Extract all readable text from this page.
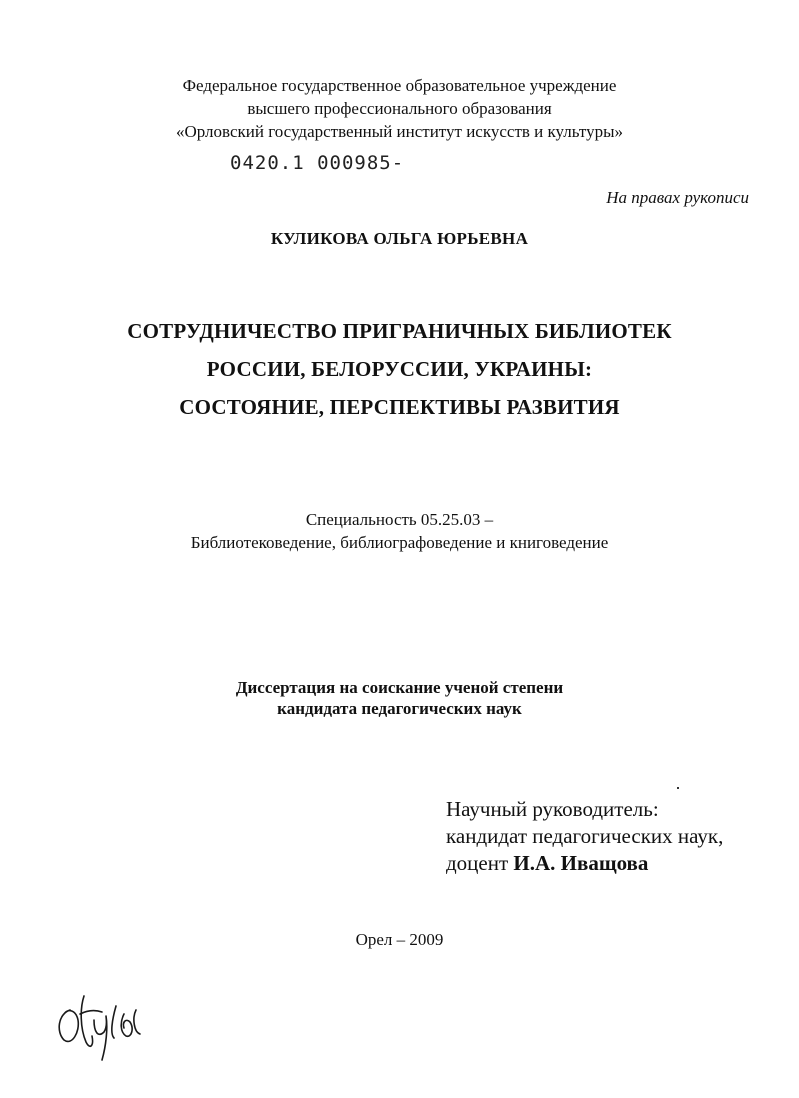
Федеральное государственное образовательное учреждение
высшего профессионального образования
«Орловский государственный институт искусств и культуры»
0420.1 000985-
На правах рукописи
КУЛИКОВА ОЛЬГА ЮРЬЕВНА
СОТРУДНИЧЕСТВО ПРИГРАНИЧНЫХ БИБЛИОТЕК
РОССИИ, БЕЛОРУССИИ, УКРАИНЫ:
СОСТОЯНИЕ, ПЕРСПЕКТИВЫ РАЗВИТИЯ
Специальность 05.25.03 –
Библиотековедение, библиографоведение и книговедение
Диссертация на соискание ученой степени
кандидата педагогических наук
Научный руководитель:
кандидат педагогических наук,
доцент И.А. Иващова
Орел – 2009
